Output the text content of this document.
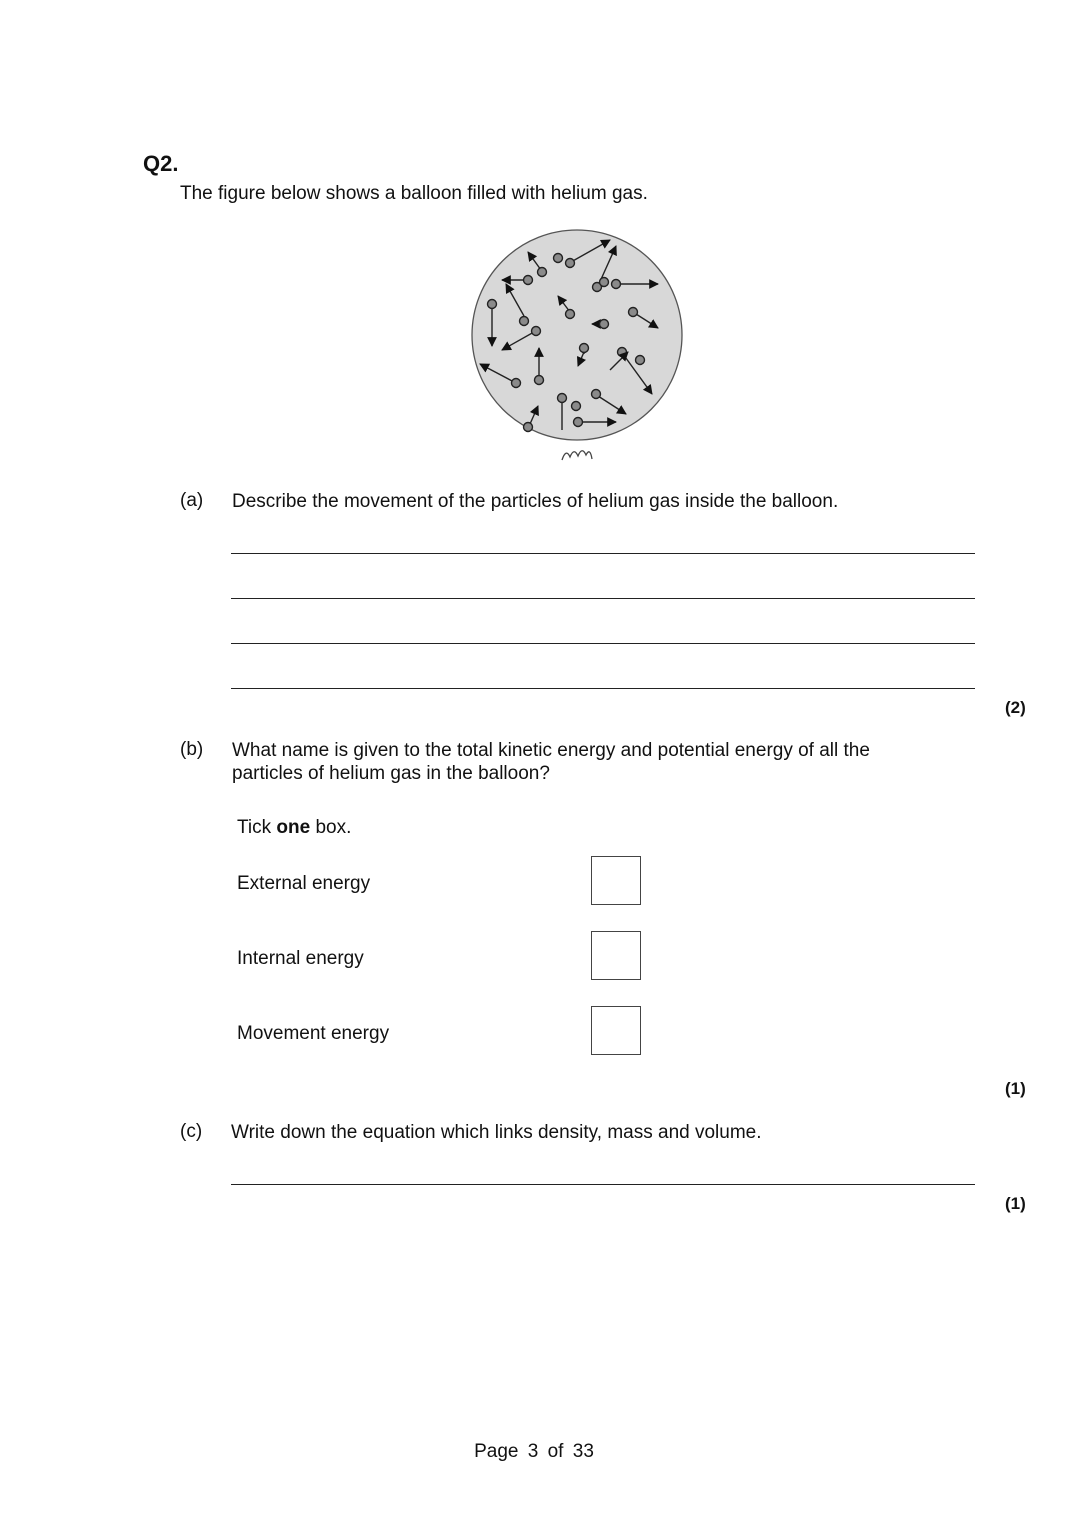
Q2.
The figure below shows a balloon filled with helium gas.
(a) Describe the movement of the particles of helium gas inside the balloon.
(2)
(b) What name is given to the total kinetic energy and potential energy of all the
particles of helium gas in the balloon?
Tick one box.
External energy
Internal energy
Movement energy
(1)
(c) Write down the equation which links density, mass and volume.
(1)
Page 3 of 33
